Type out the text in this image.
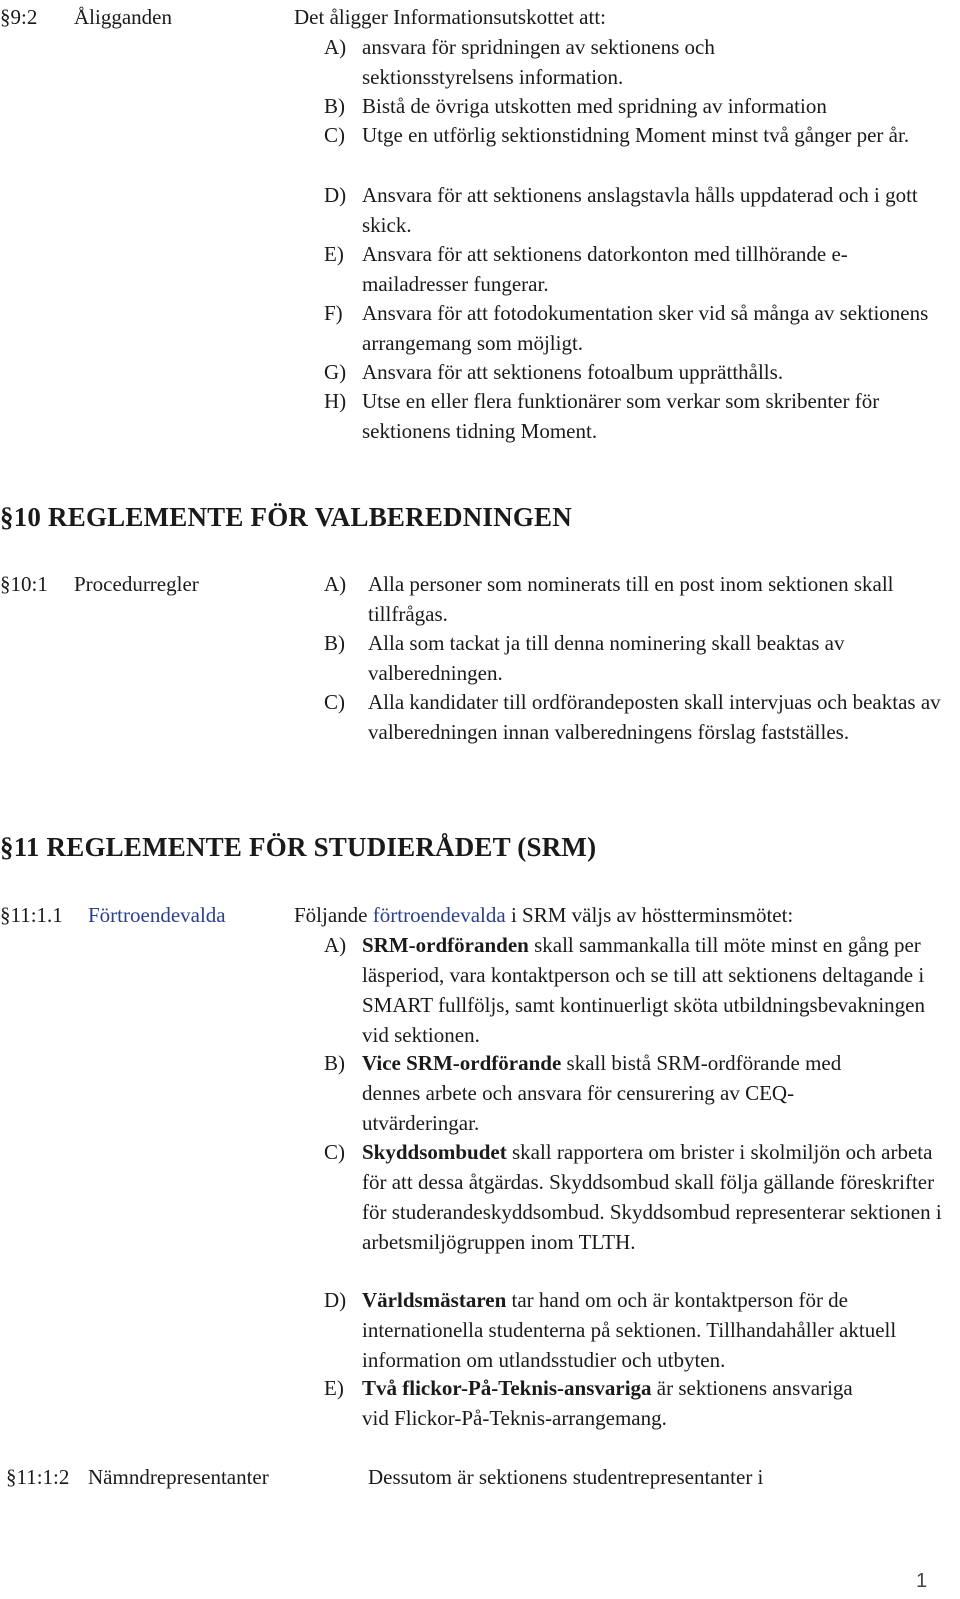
§9:2 Åligganden	Det åligger Informationsutskottet att:
A) ansvara för spridningen av sektionens och sektionsstyrelsens information.
B) Bistå de övriga utskotten med spridning av information
C) Utge en utförlig sektionstidning Moment minst två gånger per år.
D) Ansvara för att sektionens anslagstavla hålls uppdaterad och i gott skick.
E) Ansvara för att sektionens datorkonton med tillhörande e-mailadresser fungerar.
F) Ansvara för att fotodokumentation sker vid så många av sektionens arrangemang som möjligt.
G) Ansvara för att sektionens fotoalbum upprätthålls.
H) Utse en eller flera funktionärer som verkar som skribenter för sektionens tidning Moment.
§10 REGLEMENTE FÖR VALBEREDNINGEN
§10:1 Procedurregler	A) Alla personer som nominerats till en post inom sektionen skall tillfrågas.
B) Alla som tackat ja till denna nominering skall beaktas av valberedningen.
C) Alla kandidater till ordförandeposten skall intervjuas och beaktas av valberedningen innan valberedningens förslag fastställes.
§11 REGLEMENTE FÖR STUDIERÅDET (SRM)
§11:1.1 Förtroendevalda	Följande förtroendevalda i SRM väljs av höstterminsmötet:
A) SRM-ordföranden skall sammankalla till möte minst en gång per läsperiod, vara kontaktperson och se till att sektionens deltagande i SMART fullföljs, samt kontinuerligt sköta utbildningsbevakningen vid sektionen.
B) Vice SRM-ordförande skall bistå SRM-ordförande med dennes arbete och ansvara för censurering av CEQ-utvärderingar.
C) Skyddsombudet skall rapportera om brister i skolmiljön och arbeta för att dessa åtgärdas. Skyddsombud skall följa gällande föreskrifter för studerandeskyddsombud. Skyddsombud representerar sektionen i arbetsmiljögruppen inom TLTH.
D) Världsmästaren tar hand om och är kontaktperson för de internationella studenterna på sektionen. Tillhandahåller aktuell information om utlandsstudier och utbyten.
E) Två flickor-På-Teknis-ansvariga är sektionens ansvariga vid Flickor-På-Teknis-arrangemang.
§11:1:2 Nämndrepresentanter	Dessutom är sektionens studentrepresentanter i
1
